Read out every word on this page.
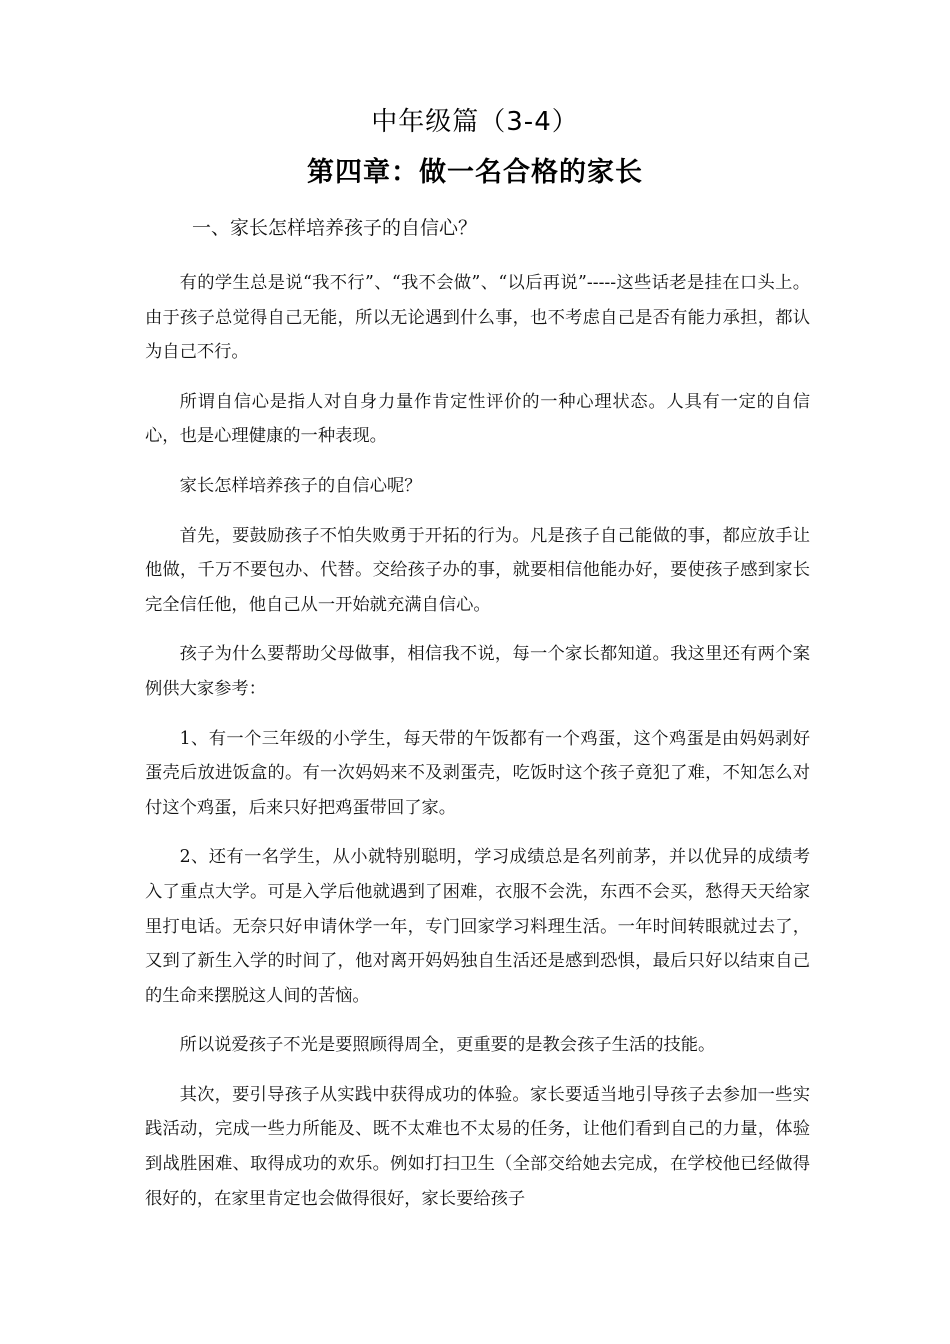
中年级篇（3-4）
第四章：做一名合格的家长
一、家长怎样培养孩子的自信心？

有的学生总是说“我不行”、“我不会做”、“以后再说”-----这些话老是挂在口头上。由于孩子总觉得自己无能，所以无论遇到什么事，也不考虑自己是否有能力承担，都认为自己不行。

所谓自信心是指人对自身力量作肯定性评价的一种心理状态。人具有一定的自信心，也是心理健康的一种表现。

家长怎样培养孩子的自信心呢？

首先，要鼓励孩子不怕失败勇于开拓的行为。凡是孩子自己能做的事，都应放手让他做，千万不要包办、代替。交给孩子办的事，就要相信他能办好，要使孩子感到家长完全信任他，他自己从一开始就充满自信心。

孩子为什么要帮助父母做事，相信我不说，每一个家长都知道。我这里还有两个案例供大家参考：

1、有一个三年级的小学生，每天带的午饭都有一个鸡蛋，这个鸡蛋是由妈妈剥好蛋壳后放进饭盒的。有一次妈妈来不及剥蛋壳，吃饭时这个孩子竟犯了难，不知怎么对付这个鸡蛋，后来只好把鸡蛋带回了家。

2、还有一名学生，从小就特别聪明，学习成绩总是名列前茅，并以优异的成绩考入了重点大学。可是入学后他就遇到了困难，衣服不会洗，东西不会买，愁得天天给家里打电话。无奈只好申请休学一年，专门回家学习料理生活。一年时间转眼就过去了，又到了新生入学的时间了，他对离开妈妈独自生活还是感到恐惧，最后只好以结束自己的生命来摆脱这人间的苦恼。

所以说爱孩子不光是要照顾得周全，更重要的是教会孩子生活的技能。

其次，要引导孩子从实践中获得成功的体验。家长要适当地引导孩子去参加一些实践活动，完成一些力所能及、既不太难也不太易的任务，让他们看到自己的力量，体验到战胜困难、取得成功的欢乐。例如打扫卫生（全部交给她去完成，在学校他已经做得很好的，在家里肯定也会做得很好，家长要给孩子
